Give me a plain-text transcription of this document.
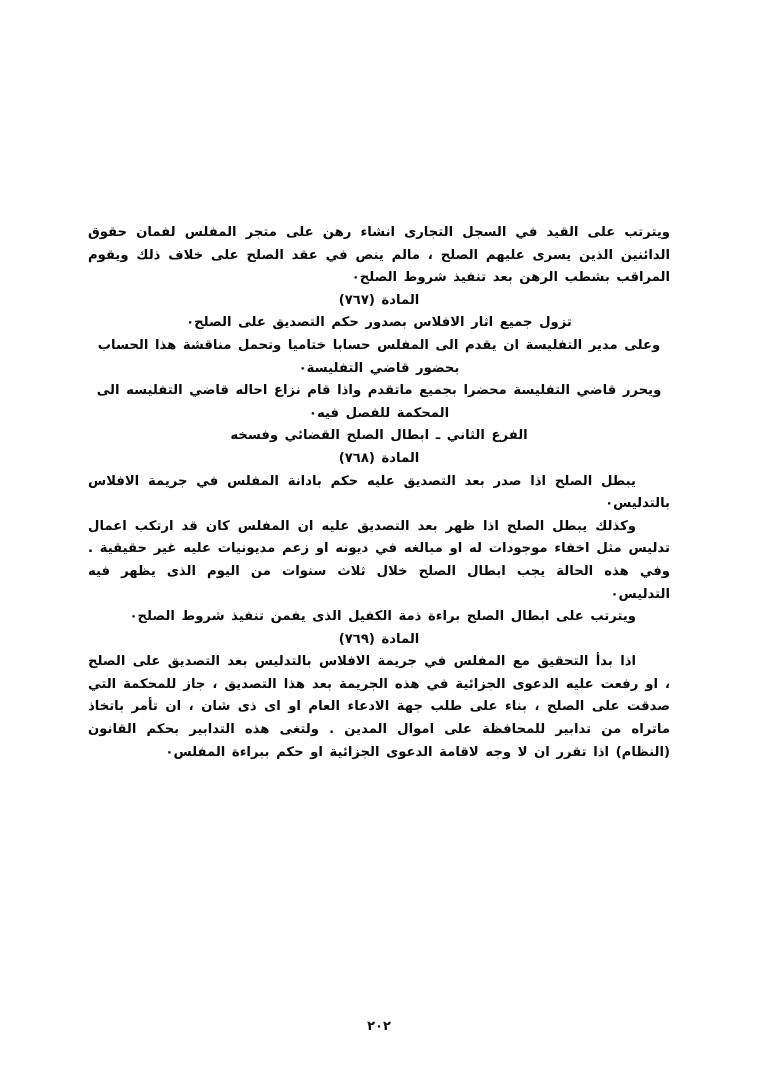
ويترتب على القيد في السجل التجارى انشاء رهن على متجر المفلس لفمان حقوق الدائنين الذين يسرى عليهم الصلح ، مالم ينص في عقد الصلح على خلاف ذلك ويقوم المراقب بشطب الرهن بعد تنفيذ شروط الصلح٠

المادة (٧٦٧)

تزول جميع اثار الافلاس بصدور حكم التصديق على الصلح٠

وعلى مدير التفليسة ان يقدم الى المفلس حسابا ختاميا وتحمل مناقشة هذا الحساب بحضور قاضي التفليسة٠

ويحرر قاضي التفليسة محضرا بجميع ماتقدم واذا قام نزاع احاله قاضي التفليسه الى المحكمة للفصل فيه٠

الفرع الثاني ـ ابطال الصلح القضائي وفسخه

المادة (٧٦٨)

يبطل الصلح اذا صدر بعد التصديق عليه حكم بادانة المفلس في جريمة الافلاس بالتدليس٠

وكذلك يبطل الصلح اذا ظهر بعد التصديق عليه ان المفلس كان قد ارتكب اعمال تدليس مثل اخفاء موجودات له او مبالغه في ديونه او زعم مديونيات عليه غير حقيقية . وفي هذه الحالة يجب ابطال الصلح خلال ثلاث سنوات من اليوم الذى يظهر فيه التدليس٠

ويترتب على ابطال الصلح براءة ذمة الكفيل الذى يفمن تنفيذ شروط الصلح٠

المادة (٧٦٩)

اذا بدأ التحقيق مع المفلس في جريمة الافلاس بالتدليس بعد التصديق على الصلح ، او رفعت عليه الدعوى الجزائية في هذه الجريمة بعد هذا التصديق ، جاز للمحكمة التي صدقت على الصلح ، بناء على طلب جهة الادعاء العام او اى ذى شان ، ان تأمر باتخاذ ماتراه من تدابير للمحافظة على اموال المدين . ولتغى هذه التدابير بحكم القانون (النظام) اذا تقرر ان لا وجه لاقامة الدعوى الجزائية او حكم ببراءة المفلس٠

٢٠٢
